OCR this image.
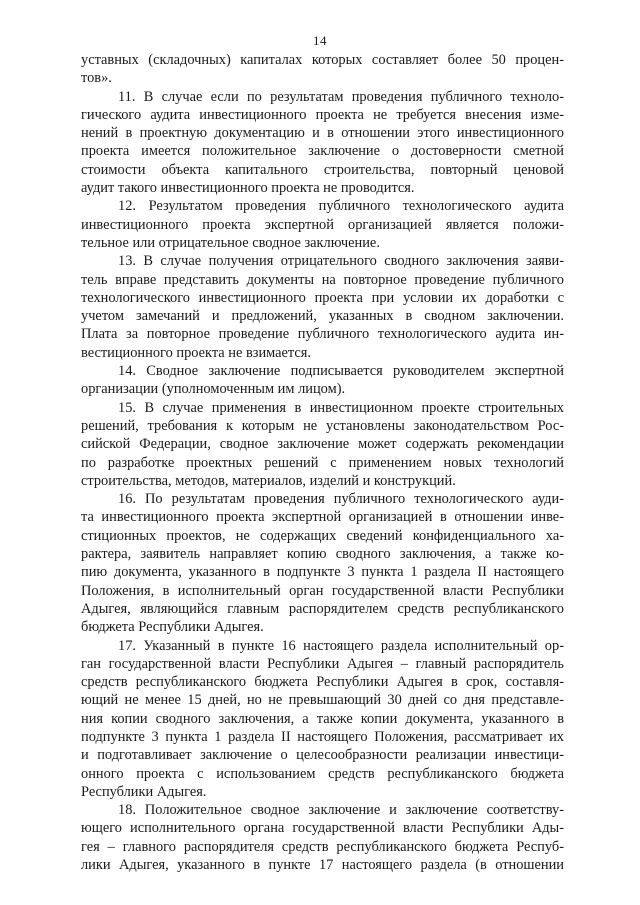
14
уставных (складочных) капиталах которых составляет более 50 процен-
тов».
11. В случае если по результатам проведения публичного техноло-
гического аудита инвестиционного проекта не требуется внесения изме-
нений в проектную документацию и в отношении этого инвестиционного
проекта имеется положительное заключение о достоверности сметной
стоимости объекта капитального строительства, повторный ценовой
аудит такого инвестиционного проекта не проводится.
12. Результатом проведения публичного технологического аудита
инвестиционного проекта экспертной организацией является положи-
тельное или отрицательное сводное заключение.
13. В случае получения отрицательного сводного заключения заяви-
тель вправе представить документы на повторное проведение публичного
технологического инвестиционного проекта при условии их доработки с
учетом замечаний и предложений, указанных в сводном заключении.
Плата за повторное проведение публичного технологического аудита ин-
вестиционного проекта не взимается.
14. Сводное заключение подписывается руководителем экспертной
организации (уполномоченным им лицом).
15. В случае применения в инвестиционном проекте строительных
решений, требования к которым не установлены законодательством Рос-
сийской Федерации, сводное заключение может содержать рекомендации
по разработке проектных решений с применением новых технологий
строительства, методов, материалов, изделий и конструкций.
16. По результатам проведения публичного технологического ауди-
та инвестиционного проекта экспертной организацией в отношении инве-
стиционных проектов, не содержащих сведений конфиденциального ха-
рактера, заявитель направляет копию сводного заключения, а также ко-
пию документа, указанного в подпункте 3 пункта 1 раздела II настоящего
Положения, в исполнительный орган государственной власти Республики
Адыгея, являющийся главным распорядителем средств республиканского
бюджета Республики Адыгея.
17. Указанный в пункте 16 настоящего раздела исполнительный ор-
ган государственной власти Республики Адыгея – главный распорядитель
средств республиканского бюджета Республики Адыгея в срок, составля-
ющий не менее 15 дней, но не превышающий 30 дней со дня представле-
ния копии сводного заключения, а также копии документа, указанного в
подпункте 3 пункта 1 раздела II настоящего Положения, рассматривает их
и подготавливает заключение о целесообразности реализации инвестици-
онного проекта с использованием средств республиканского бюджета
Республики Адыгея.
18. Положительное сводное заключение и заключение соответству-
ющего исполнительного органа государственной власти Республики Ады-
гея – главного распорядителя средств республиканского бюджета Респуб-
лики Адыгея, указанного в пункте 17 настоящего раздела (в отношении
